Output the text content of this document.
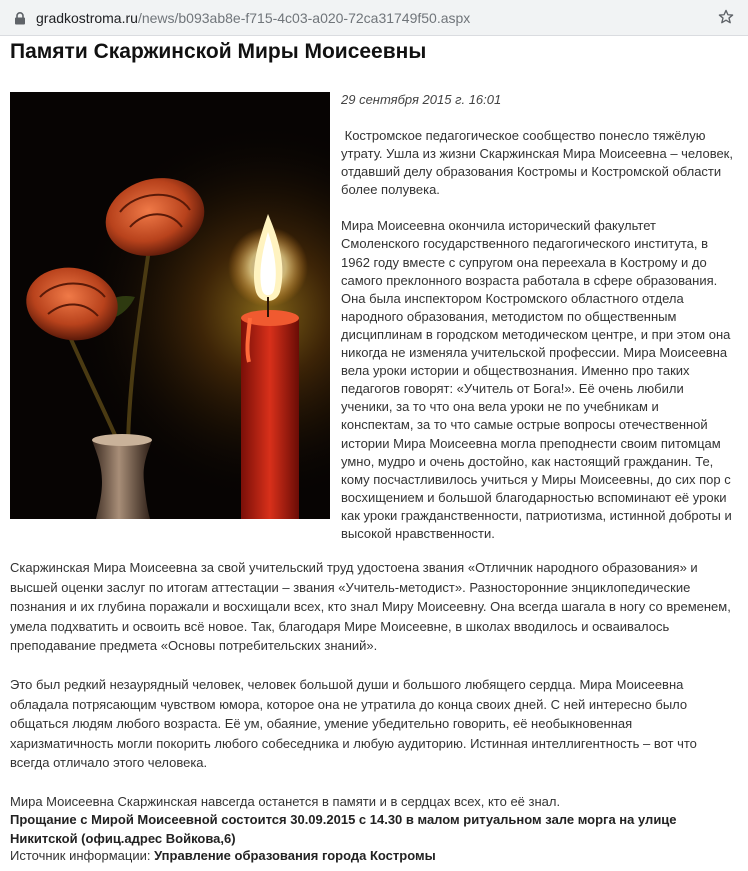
gradkostroma.ru/news/b093ab8e-f715-4c03-a020-72ca31749f50.aspx
Памяти Скаржинской Миры Моисеевны
29 сентября 2015 г. 16:01

Костромское педагогическое сообщество понесло тяжёлую утрату. Ушла из жизни Скаржинская Мира Моисеевна – человек, отдавший делу образования Костромы и Костромской области более полувека.

Мира Моисеевна окончила исторический факультет Смоленского государственного педагогического института, в 1962 году вместе с супругом она переехала в Кострому и до самого преклонного возраста работала в сфере образования. Она была инспектором Костромского областного отдела народного образования, методистом по общественным дисциплинам в городском методическом центре, и при этом она никогда не изменяла учительской профессии. Мира Моисеевна вела уроки истории и обществознания. Именно про таких педагогов говорят: «Учитель от Бога!». Её очень любили ученики, за то что она вела уроки не по учебникам и конспектам, за то что самые острые вопросы отечественной истории Мира Моисеевна могла преподнести своим питомцам умно, мудро и очень достойно, как настоящий гражданин. Те, кому посчастливилось учиться у Миры Моисеевны, до сих пор с восхищением и большой благодарностью вспоминают её уроки как уроки гражданственности, патриотизма, истинной доброты и высокой нравственности.

Скаржинская Мира Моисеевна за свой учительский труд удостоена звания «Отличник народного образования» и высшей оценки заслуг по итогам аттестации – звания «Учитель-методист». Разносторонние энциклопедические познания и их глубина поражали и восхищали всех, кто знал Миру Моисеевну. Она всегда шагала в ногу со временем, умела подхватить и освоить всё новое. Так, благодаря Мире Моисеевне, в школах вводилось и осваивалось преподавание предмета «Основы потребительских знаний».

Это был редкий незаурядный человек, человек большой души и большого любящего сердца. Мира Моисеевна обладала потрясающим чувством юмора, которое она не утратила до конца своих дней. С ней интересно было общаться людям любого возраста. Её ум, обаяние, умение убедительно говорить, её необыкновенная харизматичность могли покорить любого собеседника и любую аудиторию. Истинная интеллигентность – вот что всегда отличало этого человека.

Мира Моисеевна Скаржинская навсегда останется в памяти и в сердцах всех, кто её знал.

Прощание с Мирой Моисеевной состоится 30.09.2015 с 14.30 в малом ритуальном зале морга на улице Никитской (офиц.адрес Войкова,6)
Источник информации: Управление образования города Костромы
